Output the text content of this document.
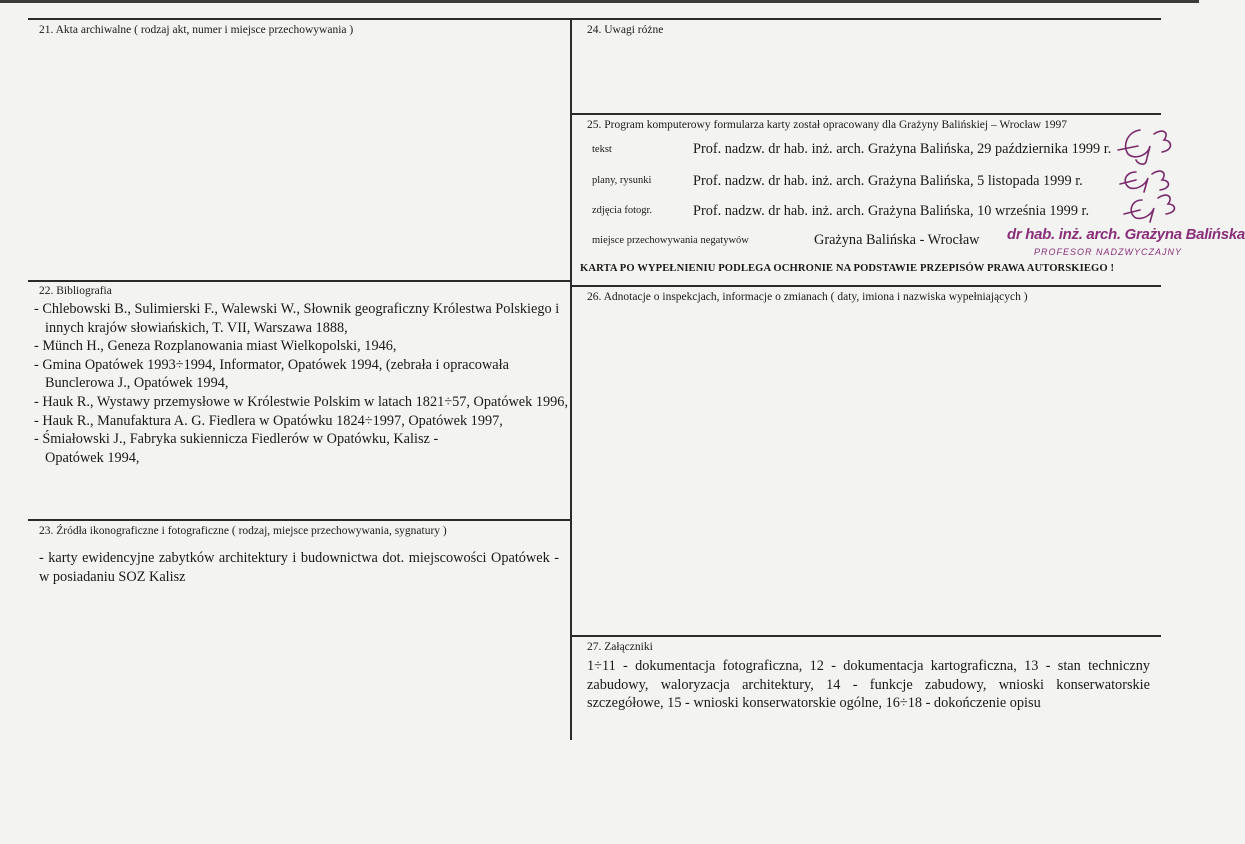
21. Akta archiwalne ( rodzaj akt, numer i miejsce przechowywania )
22. Bibliografia
- Chlebowski B., Sulimierski F., Walewski W., Słownik geograficzny Królestwa Polskiego i innych krajów słowiańskich, T. VII, Warszawa 1888,
- Münch H., Geneza Rozplanowania miast Wielkopolski, 1946,
- Gmina Opatówek 1993÷1994, Informator, Opatówek 1994, (zebrała i opracowała Bunclerowa J., Opatówek 1994,
- Hauk R., Wystawy przemysłowe w Królestwie Polskim w latach 1821÷57, Opatówek 1996,
- Hauk R., Manufaktura A. G. Fiedlera w Opatówku 1824÷1997, Opatówek 1997,
- Śmiałowski J., Fabryka sukiennicza Fiedlerów w Opatówku, Kalisz - Opatówek 1994,
23. Źródła ikonograficzne i fotograficzne ( rodzaj, miejsce przechowywania, sygnatury )
- karty ewidencyjne zabytków architektury i budownictwa dot. miejscowości Opatówek - w posiadaniu SOZ Kalisz
24. Uwagi różne
25. Program komputerowy formularza karty został opracowany dla Grażyny Balińskiej – Wrocław 1997
tekst	Prof. nadzw. dr hab. inż. arch. Grażyna Balińska, 29 października 1999 r.
plany, rysunki	Prof. nadzw. dr hab. inż. arch. Grażyna Balińska, 5 listopada 1999 r.
zdjęcia fotogr.	Prof. nadzw. dr hab. inż. arch. Grażyna Balińska, 10 września 1999 r.
miejsce przechowywania negatywów	Grażyna Balińska - Wrocław dr hab. inż. arch. Grażyna Balińska
PROFESOR NADZWYCZAJNY
KARTA PO WYPEŁNIENIU PODLEGA OCHRONIE NA PODSTAWIE PRZEPISÓW PRAWA AUTORSKIEGO !
26. Adnotacje o inspekcjach, informacje o zmianach ( daty, imiona i nazwiska wypełniających )
27. Załączniki
1÷11 - dokumentacja fotograficzna, 12 - dokumentacja kartograficzna, 13 - stan techniczny zabudowy, waloryzacja architektury, 14 - funkcje zabudowy, wnioski konserwatorskie szczegółowe, 15 - wnioski konserwatorskie ogólne, 16÷18 - dokończenie opisu
